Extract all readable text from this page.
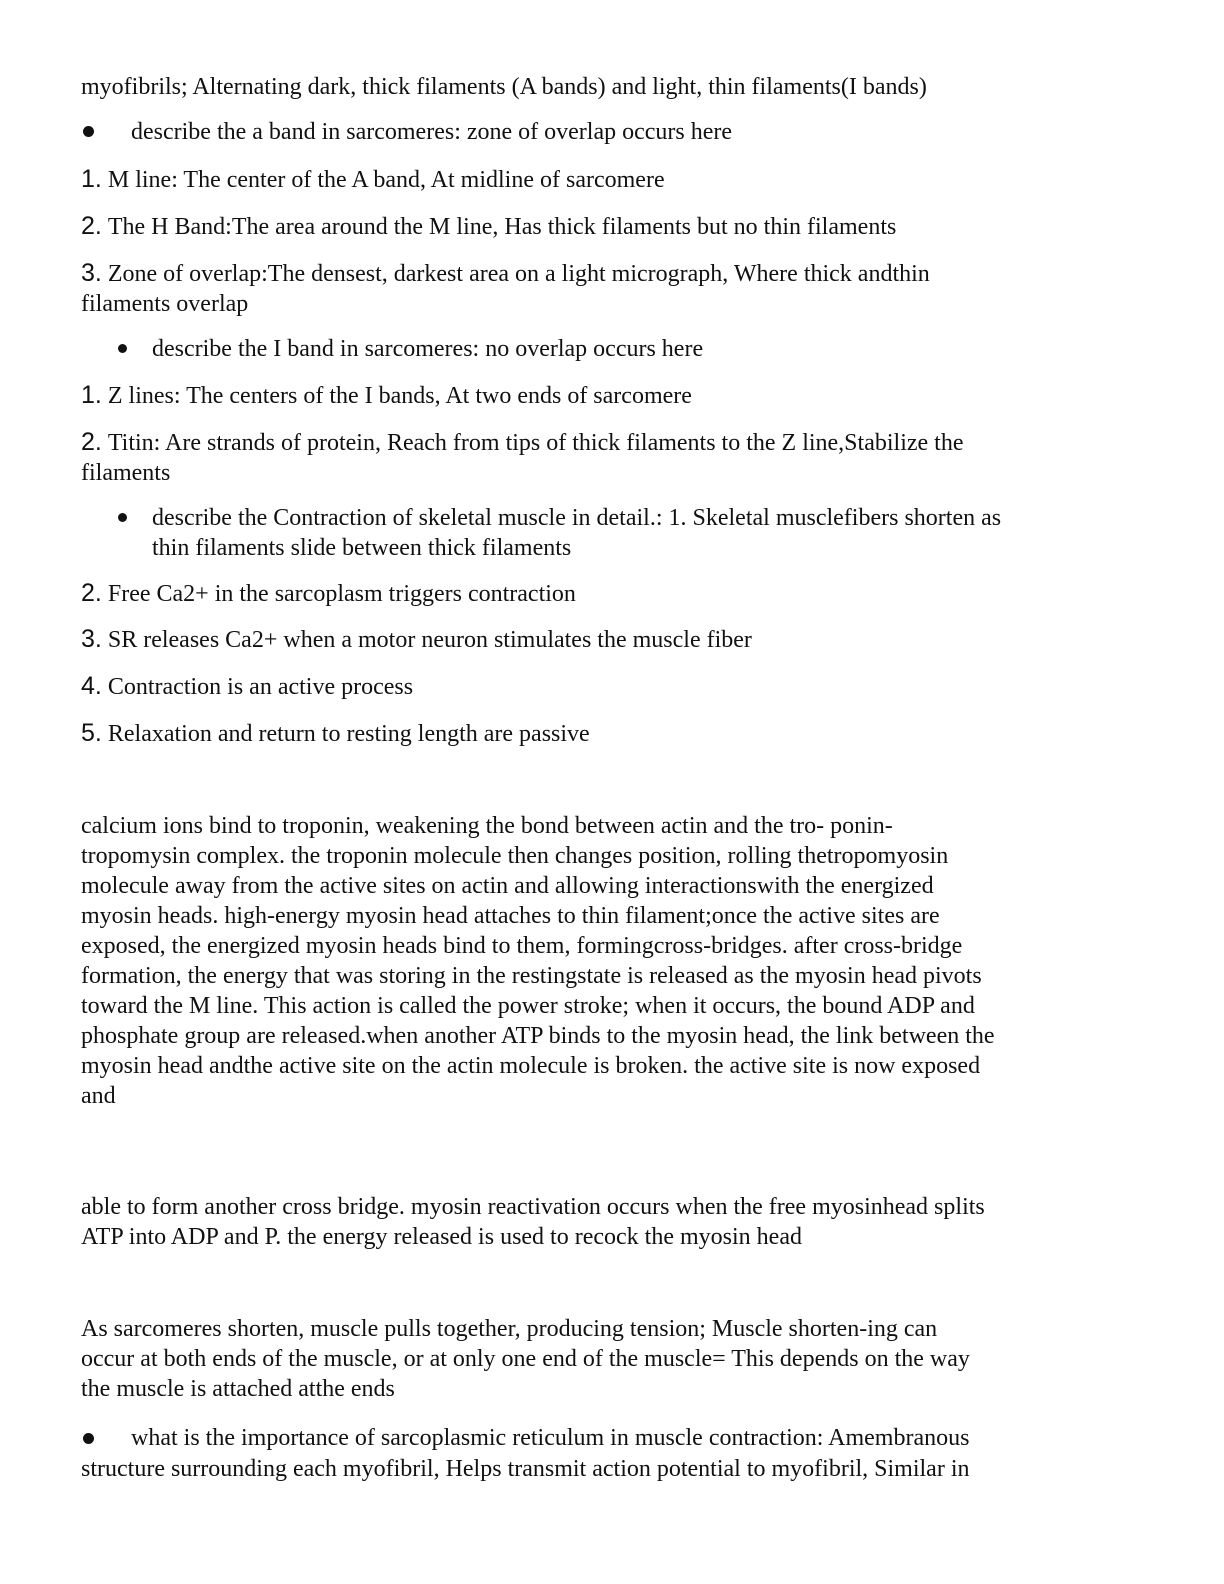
myofibrils; Alternating dark, thick filaments (A bands) and light, thin filaments(I bands)
describe the a band in sarcomeres: zone of overlap occurs here
1. M line: The center of the A band, At midline of sarcomere
2. The H Band:The area around the M line, Has thick filaments but no thin filaments
3. Zone of overlap:The densest, darkest area on a light micrograph, Where thick andthin
filaments overlap
describe the I band in sarcomeres: no overlap occurs here
1. Z lines: The centers of the I bands, At two ends of sarcomere
2. Titin: Are strands of protein, Reach from tips of thick filaments to the Z line,Stabilize the
filaments
describe the Contraction of skeletal muscle in detail.: 1. Skeletal musclefibers shorten as
thin filaments slide between thick filaments
2. Free Ca2+ in the sarcoplasm triggers contraction
3. SR releases Ca2+ when a motor neuron stimulates the muscle fiber
4. Contraction is an active process
5. Relaxation and return to resting length are passive
calcium ions bind to troponin, weakening the bond between actin and the tro- ponin-
tropomysin complex. the troponin molecule then changes position, rolling thetropomyosin
molecule away from the active sites on actin and allowing interactionswith the energized
myosin heads. high-energy myosin head attaches to thin filament;once the active sites are
exposed, the energized myosin heads bind to them, formingcross-bridges. after cross-bridge
formation, the energy that was storing in the restingstate is released as the myosin head pivots
toward the M line. This action is called the power stroke; when it occurs, the bound ADP and
phosphate group are released.when another ATP binds to the myosin head, the link between the
myosin head andthe active site on the actin molecule is broken. the active site is now exposed
and
able to form another cross bridge. myosin reactivation occurs when the free myosinhead splits
ATP into ADP and P. the energy released is used to recock the myosin head
As sarcomeres shorten, muscle pulls together, producing tension; Muscle shorten-ing can
occur at both ends of the muscle, or at only one end of the muscle= This depends on the way
the muscle is attached atthe ends
what is the importance of sarcoplasmic reticulum in muscle contraction: Amembranous
structure surrounding each myofibril, Helps transmit action potential to myofibril, Similar in
